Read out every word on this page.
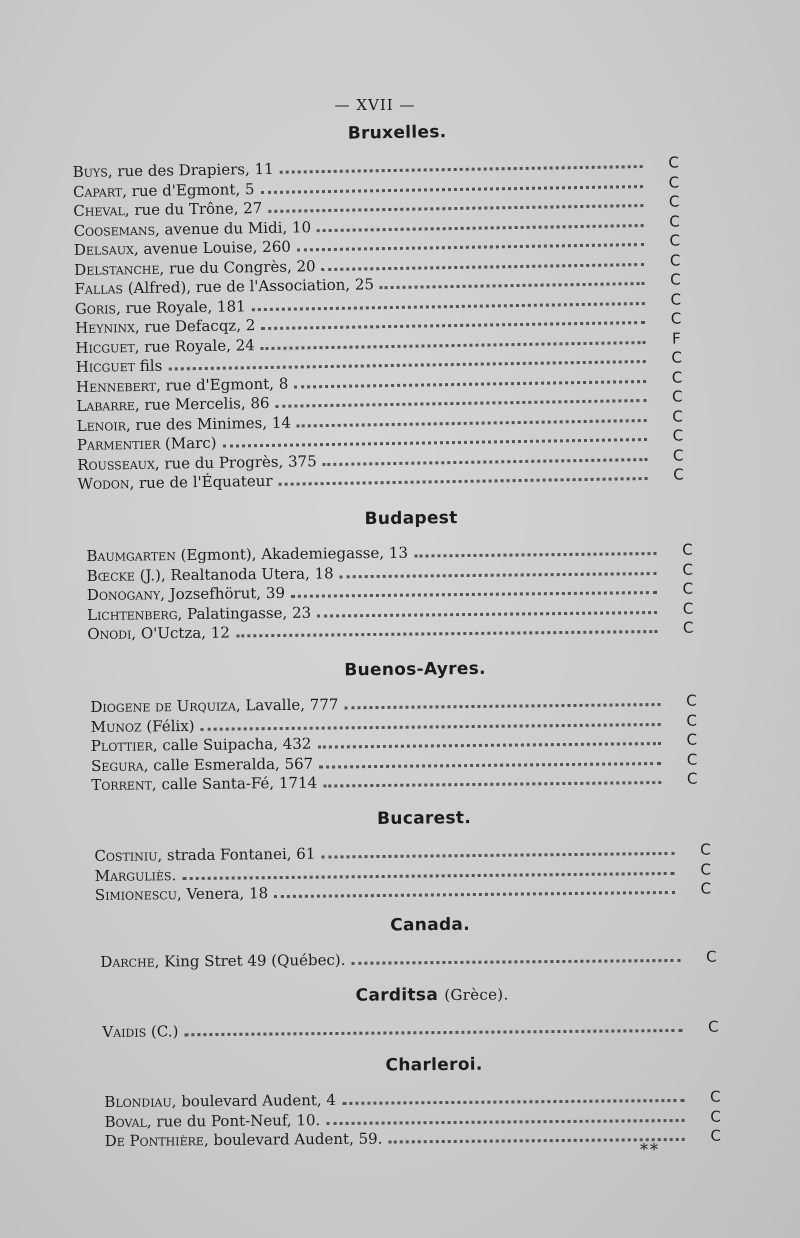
— XVII —
Bruxelles.
Buys, rue des Drapiers, 11	C
Capart, rue d'Egmont, 5	C
Cheval, rue du Trône, 27	C
Coosemans, avenue du Midi, 10	C
Delsaux, avenue Louise, 260	C
Delstanche, rue du Congrès, 20	C
Fallas (Alfred), rue de l'Association, 25	C
Goris, rue Royale, 181	C
Heyninx, rue Defacqz, 2	C
Hicguet, rue Royale, 24	F
Hicguet fils	C
Hennebert, rue d'Egmont, 8	C
Labarre, rue Mercelis, 86	C
Lenoir, rue des Minimes, 14	C
Parmentier (Marc)	C
Rousseaux, rue du Progrès, 375	C
Wodon, rue de l'Équateur	C
Budapest
Baumgarten (Egmont), Akademiegasse, 13	C
Bœcke (J.), Realtanoda Utera, 18	C
Donogany, Jozsefhörut, 39	C
Lichtenberg, Palatingasse, 23	C
Onodi, O'Uctza, 12	C
Buenos-Ayres.
Diogene de Urquiza, Lavalle, 777	C
Munoz (Félix)	C
Plottier, calle Suipacha, 432	C
Segura, calle Esmeralda, 567	C
Torrent, calle Santa-Fé, 1714	C
Bucarest.
Costiniu, strada Fontanei, 61	C
Marguliès.	C
Simionescu, Venera, 18	C
Canada.
Darche, King Stret 49 (Québec).	C
Carditsa (Grèce).
Vaidis (C.)	C
Charleroi.
Blondiau, boulevard Audent, 4	C
Boval, rue du Pont-Neuf, 10.	C
De Ponthière, boulevard Audent, 59.	C
**
